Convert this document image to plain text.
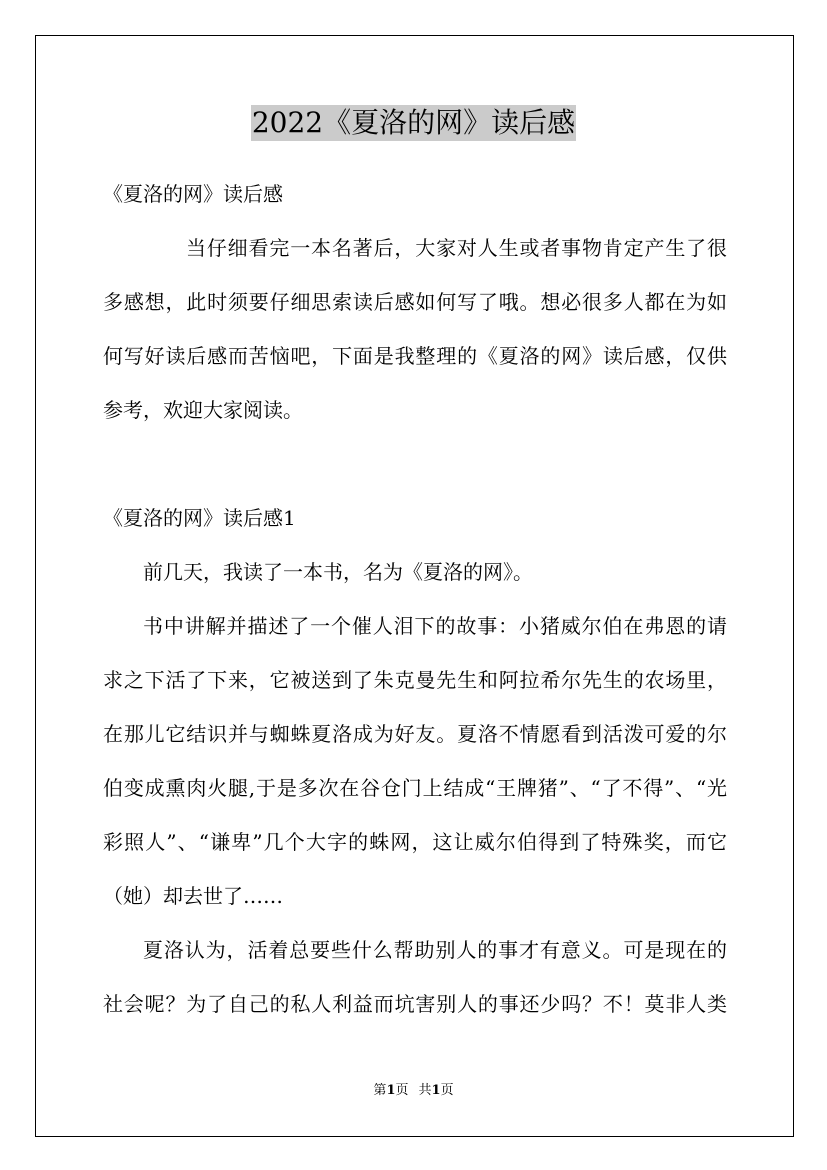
2022《夏洛的网》读后感
《夏洛的网》读后感
当仔细看完一本名著后，大家对人生或者事物肯定产生了很
多感想，此时须要仔细思索读后感如何写了哦。想必很多人都在为如
何写好读后感而苦恼吧，下面是我整理的《夏洛的网》读后感，仅供
参考，欢迎大家阅读。
《夏洛的网》读后感1
前几天，我读了一本书，名为《夏洛的网》。
书中讲解并描述了一个催人泪下的故事：小猪威尔伯在弗恩的请
求之下活了下来，它被送到了朱克曼先生和阿拉希尔先生的农场里，
在那儿它结识并与蜘蛛夏洛成为好友。夏洛不情愿看到活泼可爱的尔
伯变成熏肉火腿,于是多次在谷仓门上结成“王牌猪”、“了不得”、“光
彩照人”、“谦卑”几个大字的蛛网，这让威尔伯得到了特殊奖，而它
（她）却去世了……
夏洛认为，活着总要些什么帮助别人的事才有意义。可是现在的
社会呢？为了自己的私人利益而坑害别人的事还少吗？不！莫非人类
第1页 共1页
